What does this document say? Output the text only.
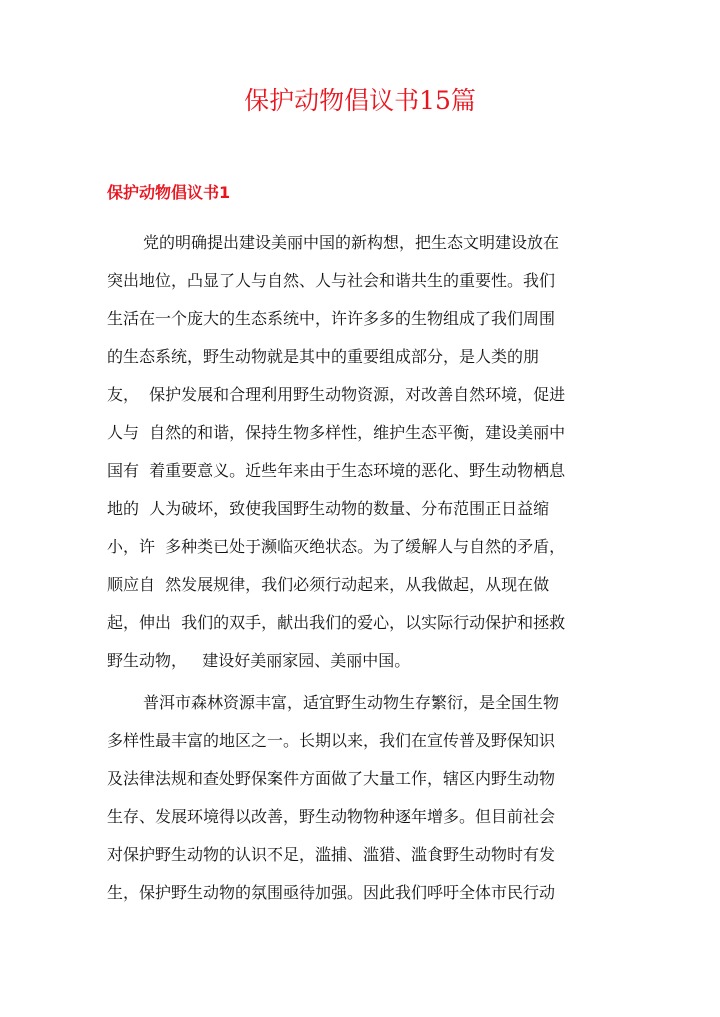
保护动物倡议书15篇
保护动物倡议书1
党的明确提出建设美丽中国的新构想，把生态文明建设放在
突出地位，凸显了人与自然、人与社会和谐共生的重要性。我们
生活在一个庞大的生态系统中，许许多多的生物组成了我们周围
的生态系统，野生动物就是其中的重要组成部分，是人类的朋
友，  保护发展和合理利用野生动物资源，对改善自然环境，促进
人与  自然的和谐，保持生物多样性，维护生态平衡，建设美丽中
国有  着重要意义。近些年来由于生态环境的恶化、野生动物栖息
地的  人为破坏，致使我国野生动物的数量、分布范围正日益缩
小，许  多种类已处于濒临灭绝状态。为了缓解人与自然的矛盾，
顺应自  然发展规律，我们必须行动起来，从我做起，从现在做
起，伸出  我们的双手，献出我们的爱心，以实际行动保护和拯救
野生动物，   建设好美丽家园、美丽中国。
普洱市森林资源丰富，适宜野生动物生存繁衍，是全国生物
多样性最丰富的地区之一。长期以来，我们在宣传普及野保知识
及法律法规和查处野保案件方面做了大量工作，辖区内野生动物
生存、发展环境得以改善，野生动物物种逐年增多。但目前社会
对保护野生动物的认识不足，滥捕、滥猎、滥食野生动物时有发
生，保护野生动物的氛围亟待加强。因此我们呼吁全体市民行动
